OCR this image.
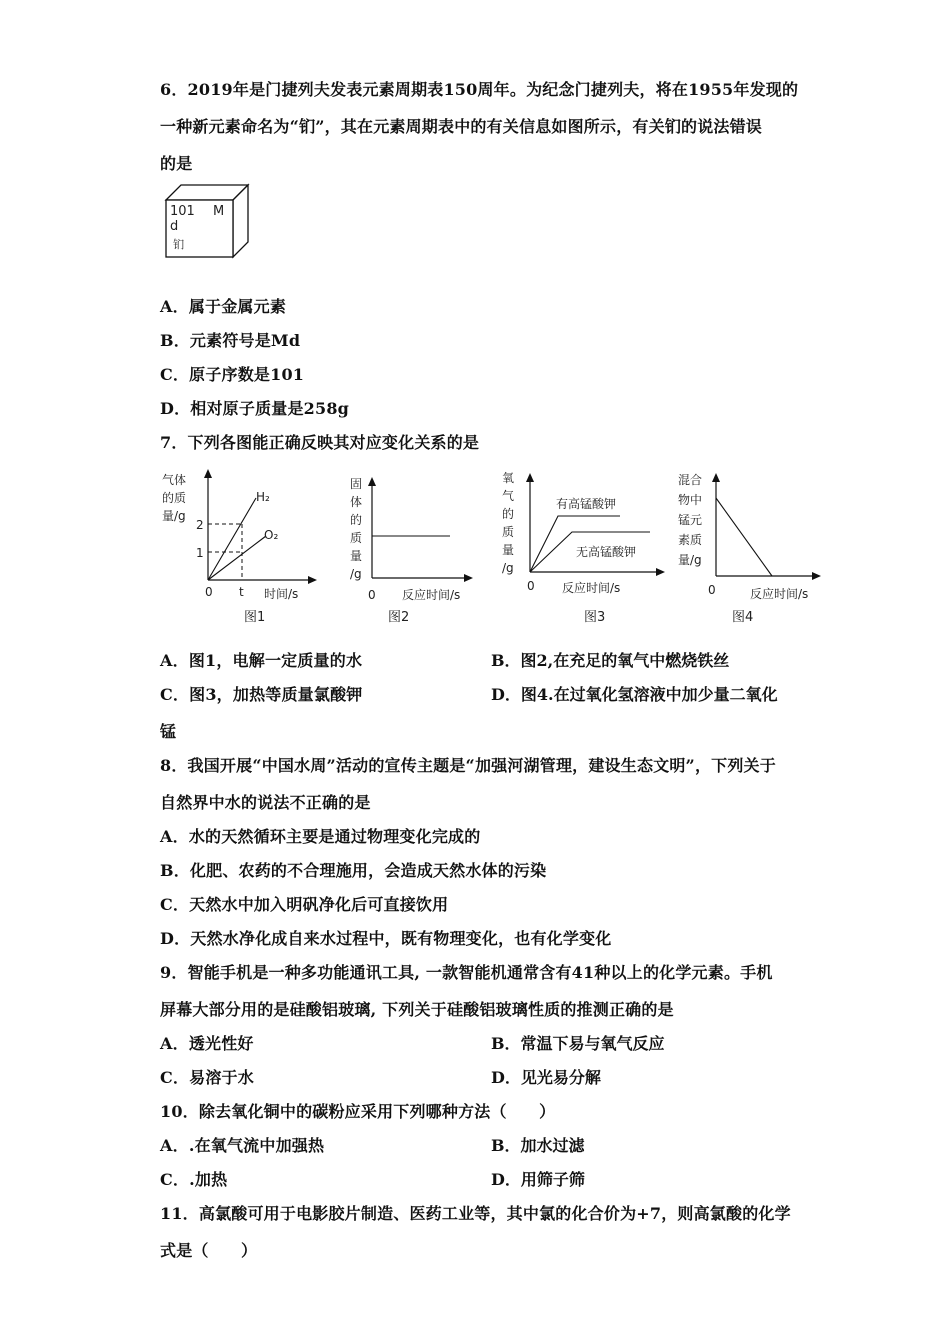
6．2019年是门捷列夫发表元素周期表150周年。为纪念门捷列夫，将在1955年发现的
一种新元素命名为“钔”，其在元素周期表中的有关信息如图所示，有关钔的说法错误
的是
101 M
d
钔
A．属于金属元素
B．元素符号是Md
C．原子序数是101
D．相对原子质量是258g
7．下列各图能正确反映其对应变化关系的是
气体
的质
量/g
2
1
0 t 时间/s
H₂
O₂
图1
固
体
的
质
量
/g
0 反应时间/s
图2
氧
气
的
质
量
/g
有高锰酸钾
无高锰酸钾
0 反应时间/s
图3
混合
物中
锰元
素质
量/g
0	反应时间/s
图4
A．图1，电解一定质量的水	B．图2,在充足的氧气中燃烧铁丝
C．图3，加热等质量氯酸钾	D．图4.在过氧化氢溶液中加少量二氧化
锰
8．我国开展“中国水周”活动的宣传主题是“加强河湖管理，建设生态文明”，下列关于
自然界中水的说法不正确的是
A．水的天然循环主要是通过物理变化完成的
B．化肥、农药的不合理施用，会造成天然水体的污染
C．天然水中加入明矾净化后可直接饮用
D．天然水净化成自来水过程中，既有物理变化，也有化学变化
9．智能手机是一种多功能通讯工具, 一款智能机通常含有41种以上的化学元素。手机
屏幕大部分用的是硅酸铝玻璃, 下列关于硅酸铝玻璃性质的推测正确的是
A．透光性好	B．常温下易与氧气反应
C．易溶于水	D．见光易分解
10．除去氧化铜中的碳粉应采用下列哪种方法（　　）
A．.在氧气流中加强热	B．加水过滤
C．.加热	D．用筛子筛
11．高氯酸可用于电影胶片制造、医药工业等，其中氯的化合价为+7，则高氯酸的化学
式是（　　）
